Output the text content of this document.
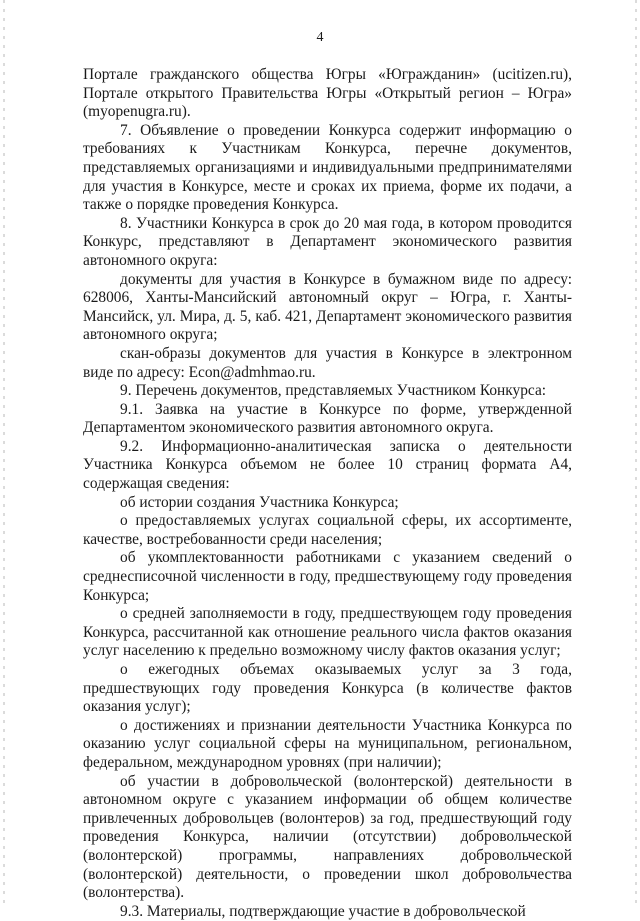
4

Портале гражданского общества Югры «Югражданин» (ucitizen.ru), Портале открытого Правительства Югры «Открытый регион – Югра» (myopenugra.ru).

7. Объявление о проведении Конкурса содержит информацию о требованиях к Участникам Конкурса, перечне документов, представляемых организациями и индивидуальными предпринимателями для участия в Конкурсе, месте и сроках их приема, форме их подачи, а также о порядке проведения Конкурса.

8. Участники Конкурса в срок до 20 мая года, в котором проводится Конкурс, представляют в Департамент экономического развития автономного округа:

документы для участия в Конкурсе в бумажном виде по адресу: 628006, Ханты-Мансийский автономный округ – Югра, г. Ханты-Мансийск, ул. Мира, д. 5, каб. 421, Департамент экономического развития автономного округа;

скан-образы документов для участия в Конкурсе в электронном виде по адресу: Econ@admhmao.ru.

9. Перечень документов, представляемых Участником Конкурса:

9.1. Заявка на участие в Конкурсе по форме, утвержденной Департаментом экономического развития автономного округа.

9.2. Информационно-аналитическая записка о деятельности Участника Конкурса объемом не более 10 страниц формата А4, содержащая сведения:

об истории создания Участника Конкурса;

о предоставляемых услугах социальной сферы, их ассортименте, качестве, востребованности среди населения;

об укомплектованности работниками с указанием сведений о среднесписочной численности в году, предшествующему году проведения Конкурса;

о средней заполняемости в году, предшествующем году проведения Конкурса, рассчитанной как отношение реального числа фактов оказания услуг населению к предельно возможному числу фактов оказания услуг;

о ежегодных объемах оказываемых услуг за 3 года, предшествующих году проведения Конкурса (в количестве фактов оказания услуг);

о достижениях и признании деятельности Участника Конкурса по оказанию услуг социальной сферы на муниципальном, региональном, федеральном, международном уровнях (при наличии);

об участии в добровольческой (волонтерской) деятельности в автономном округе с указанием информации об общем количестве привлеченных добровольцев (волонтеров) за год, предшествующий году проведения Конкурса, наличии (отсутствии) добровольческой (волонтерской) программы, направлениях добровольческой (волонтерской) деятельности, о проведении школ добровольчества (волонтерства).

9.3. Материалы, подтверждающие участие в добровольческой
